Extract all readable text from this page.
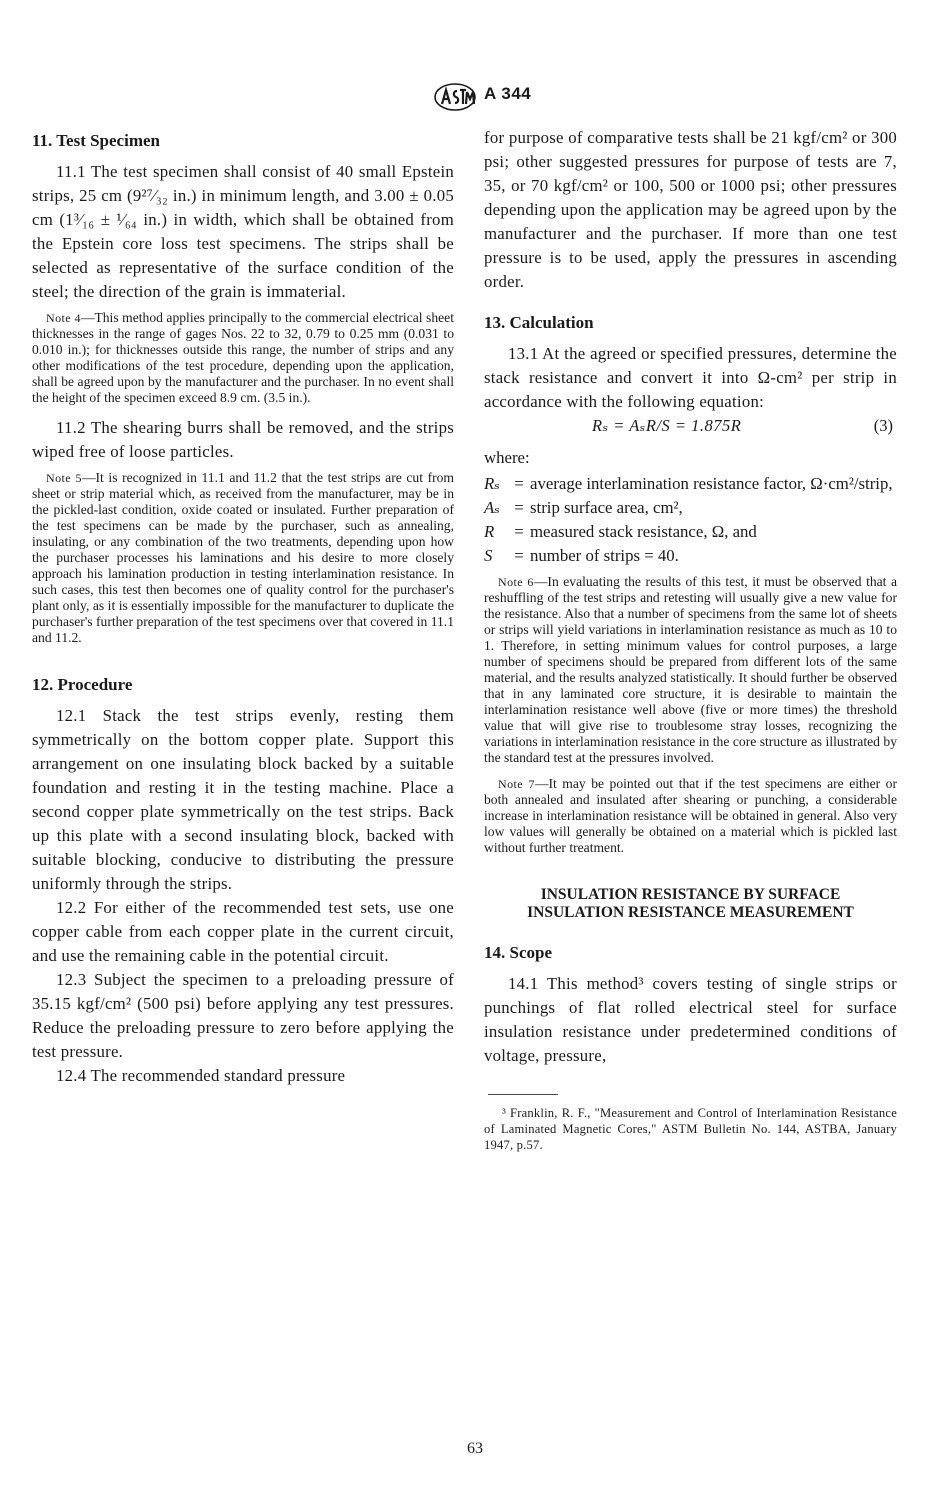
A 344
11. Test Specimen

11.1 The test specimen shall consist of 40 small Epstein strips, 25 cm (9²⁷⁄₃₂ in.) in minimum length, and 3.00 ± 0.05 cm (1³⁄₁₆ ± ¹⁄₆₄ in.) in width, which shall be obtained from the Epstein core loss test specimens. The strips shall be selected as representative of the surface condition of the steel; the direction of the grain is immaterial.

Note 4—This method applies principally to the commercial electrical sheet thicknesses in the range of gages Nos. 22 to 32, 0.79 to 0.25 mm (0.031 to 0.010 in.); for thicknesses outside this range, the number of strips and any other modifications of the test procedure, depending upon the application, shall be agreed upon by the manufacturer and the purchaser. In no event shall the height of the specimen exceed 8.9 cm. (3.5 in.).

11.2 The shearing burrs shall be removed, and the strips wiped free of loose particles.

Note 5—It is recognized in 11.1 and 11.2 that the test strips are cut from sheet or strip material which, as received from the manufacturer, may be in the pickled-last condition, oxide coated or insulated. Further preparation of the test specimens can be made by the purchaser, such as annealing, insulating, or any combination of the two treatments, depending upon how the purchaser processes his laminations and his desire to more closely approach his lamination production in testing interlamination resistance. In such cases, this test then becomes one of quality control for the purchaser's plant only, as it is essentially impossible for the manufacturer to duplicate the purchaser's further preparation of the test specimens over that covered in 11.1 and 11.2.

12. Procedure

12.1 Stack the test strips evenly, resting them symmetrically on the bottom copper plate. Support this arrangement on one insulating block backed by a suitable foundation and resting it in the testing machine. Place a second copper plate symmetrically on the test strips. Back up this plate with a second insulating block, backed with suitable blocking, conducive to distributing the pressure uniformly through the strips.

12.2 For either of the recommended test sets, use one copper cable from each copper plate in the current circuit, and use the remaining cable in the potential circuit.

12.3 Subject the specimen to a preloading pressure of 35.15 kgf/cm² (500 psi) before applying any test pressures. Reduce the preloading pressure to zero before applying the test pressure.

12.4 The recommended standard pressure

for purpose of comparative tests shall be 21 kgf/cm² or 300 psi; other suggested pressures for purpose of tests are 7, 35, or 70 kgf/cm² or 100, 500 or 1000 psi; other pressures depending upon the application may be agreed upon by the manufacturer and the purchaser. If more than one test pressure is to be used, apply the pressures in ascending order.

13. Calculation

13.1 At the agreed or specified pressures, determine the stack resistance and convert it into Ω-cm² per strip in accordance with the following equation:

Rₛ = AₛR/S = 1.875R	(3)
where:
Rₛ = average interlamination resistance factor, Ω·cm²/strip,
Aₛ = strip surface area, cm²,
R	= measured stack resistance, Ω, and
S	= number of strips = 40.

Note 6—In evaluating the results of this test, it must be observed that a reshuffling of the test strips and retesting will usually give a new value for the resistance. Also that a number of specimens from the same lot of sheets or strips will yield variations in interlamination resistance as much as 10 to 1. Therefore, in setting minimum values for control purposes, a large number of specimens should be prepared from different lots of the same material, and the results analyzed statistically. It should further be observed that in any laminated core structure, it is desirable to maintain the interlamination resistance well above (five or more times) the threshold value that will give rise to troublesome stray losses, recognizing the variations in interlamination resistance in the core structure as illustrated by the standard test at the pressures involved.

Note 7—It may be pointed out that if the test specimens are either or both annealed and insulated after shearing or punching, a considerable increase in interlamination resistance will be obtained in general. Also very low values will generally be obtained on a material which is pickled last without further treatment.

INSULATION RESISTANCE BY SURFACE
INSULATION RESISTANCE MEASUREMENT
14. Scope

14.1 This method³ covers testing of single strips or punchings of flat rolled electrical steel for surface insulation resistance under predetermined conditions of voltage, pressure,

³ Franklin, R. F., "Measurement and Control of Interlamination Resistance of Laminated Magnetic Cores," ASTM Bulletin No. 144, ASTBA, January 1947, p.57.

63
